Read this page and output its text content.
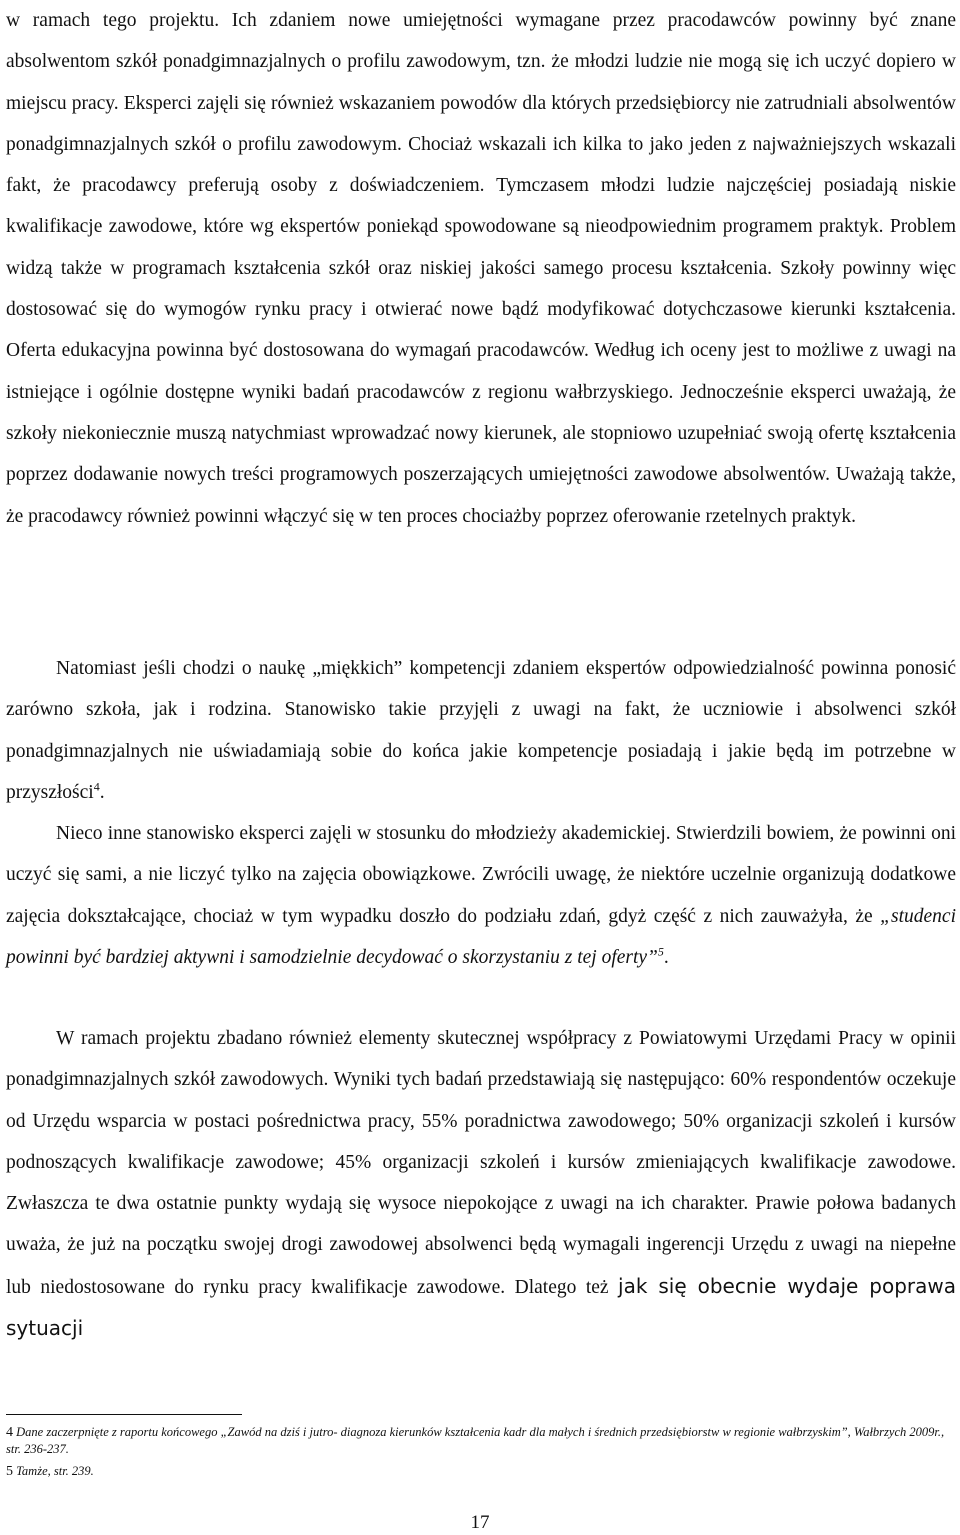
w ramach tego projektu. Ich zdaniem nowe umiejętności wymagane przez pracodawców powinny być znane absolwentom szkół ponadgimnazjalnych o profilu zawodowym, tzn. że młodzi ludzie nie mogą się ich uczyć dopiero w miejscu pracy. Eksperci zajęli się również wskazaniem powodów dla których przedsiębiorcy nie zatrudniali absolwentów ponadgimnazjalnych szkół o profilu zawodowym. Chociaż wskazali ich kilka to jako jeden z najważniejszych wskazali fakt, że pracodawcy preferują osoby z doświadczeniem. Tymczasem młodzi ludzie najczęściej posiadają niskie kwalifikacje zawodowe, które wg ekspertów poniekąd spowodowane są nieodpowiednim programem praktyk. Problem widzą także w programach kształcenia szkół oraz niskiej jakości samego procesu kształcenia. Szkoły powinny więc dostosować się do wymogów rynku pracy i otwierać nowe bądź modyfikować dotychczasowe kierunki kształcenia. Oferta edukacyjna powinna być dostosowana do wymagań pracodawców. Według ich oceny jest to możliwe z uwagi na istniejące i ogólnie dostępne wyniki badań pracodawców z regionu wałbrzyskiego. Jednocześnie eksperci uważają, że szkoły niekoniecznie muszą natychmiast wprowadzać nowy kierunek, ale stopniowo uzupełniać swoją ofertę kształcenia poprzez dodawanie nowych treści programowych poszerzających umiejętności zawodowe absolwentów. Uważają także, że pracodawcy również powinni włączyć się w ten proces chociażby poprzez oferowanie rzetelnych praktyk.

Natomiast jeśli chodzi o naukę „miękkich” kompetencji zdaniem ekspertów odpowiedzialność powinna ponosić zarówno szkoła, jak i rodzina. Stanowisko takie przyjęli z uwagi na fakt, że uczniowie i absolwenci szkół ponadgimnazjalnych nie uświadamiają sobie do końca jakie kompetencje posiadają i jakie będą im potrzebne w przyszłości$^4$.

Nieco inne stanowisko eksperci zajęli w stosunku do młodzieży akademickiej. Stwierdzili bowiem, że powinni oni uczyć się sami, a nie liczyć tylko na zajęcia obowiązkowe. Zwrócili uwagę, że niektóre uczelnie organizują dodatkowe zajęcia dokształcające, chociaż w tym wypadku doszło do podziału zdań, gdyż część z nich zauważyła, że „studenci powinni być bardziej aktywni i samodzielnie decydować o skorzystaniu z tej oferty”$^5$.

W ramach projektu zbadano również elementy skutecznej współpracy z Powiatowymi Urzędami Pracy w opinii ponadgimnazjalnych szkół zawodowych. Wyniki tych badań przedstawiają się następująco: 60% respondentów oczekuje od Urzędu wsparcia w postaci pośrednictwa pracy, 55% poradnictwa zawodowego; 50% organizacji szkoleń i kursów podnoszących kwalifikacje zawodowe; 45% organizacji szkoleń i kursów zmieniających kwalifikacje zawodowe. Zwłaszcza te dwa ostatnie punkty wydają się wysoce niepokojące z uwagi na ich charakter. Prawie połowa badanych uważa, że już na początku swojej drogi zawodowej absolwenci będą wymagali ingerencji Urzędu z uwagi na niepełne lub niedostosowane do rynku pracy kwalifikacje zawodowe. Dlatego też jak się obecnie wydaje poprawa sytuacji

4 Dane zaczerpnięte z raportu końcowego „Zawód na dziś i jutro- diagnoza kierunków kształcenia kadr dla małych i średnich przedsiębiorstw w regionie wałbrzyskim”, Wałbrzych 2009r., str. 236-237.

5 Tamże, str. 239.

17
